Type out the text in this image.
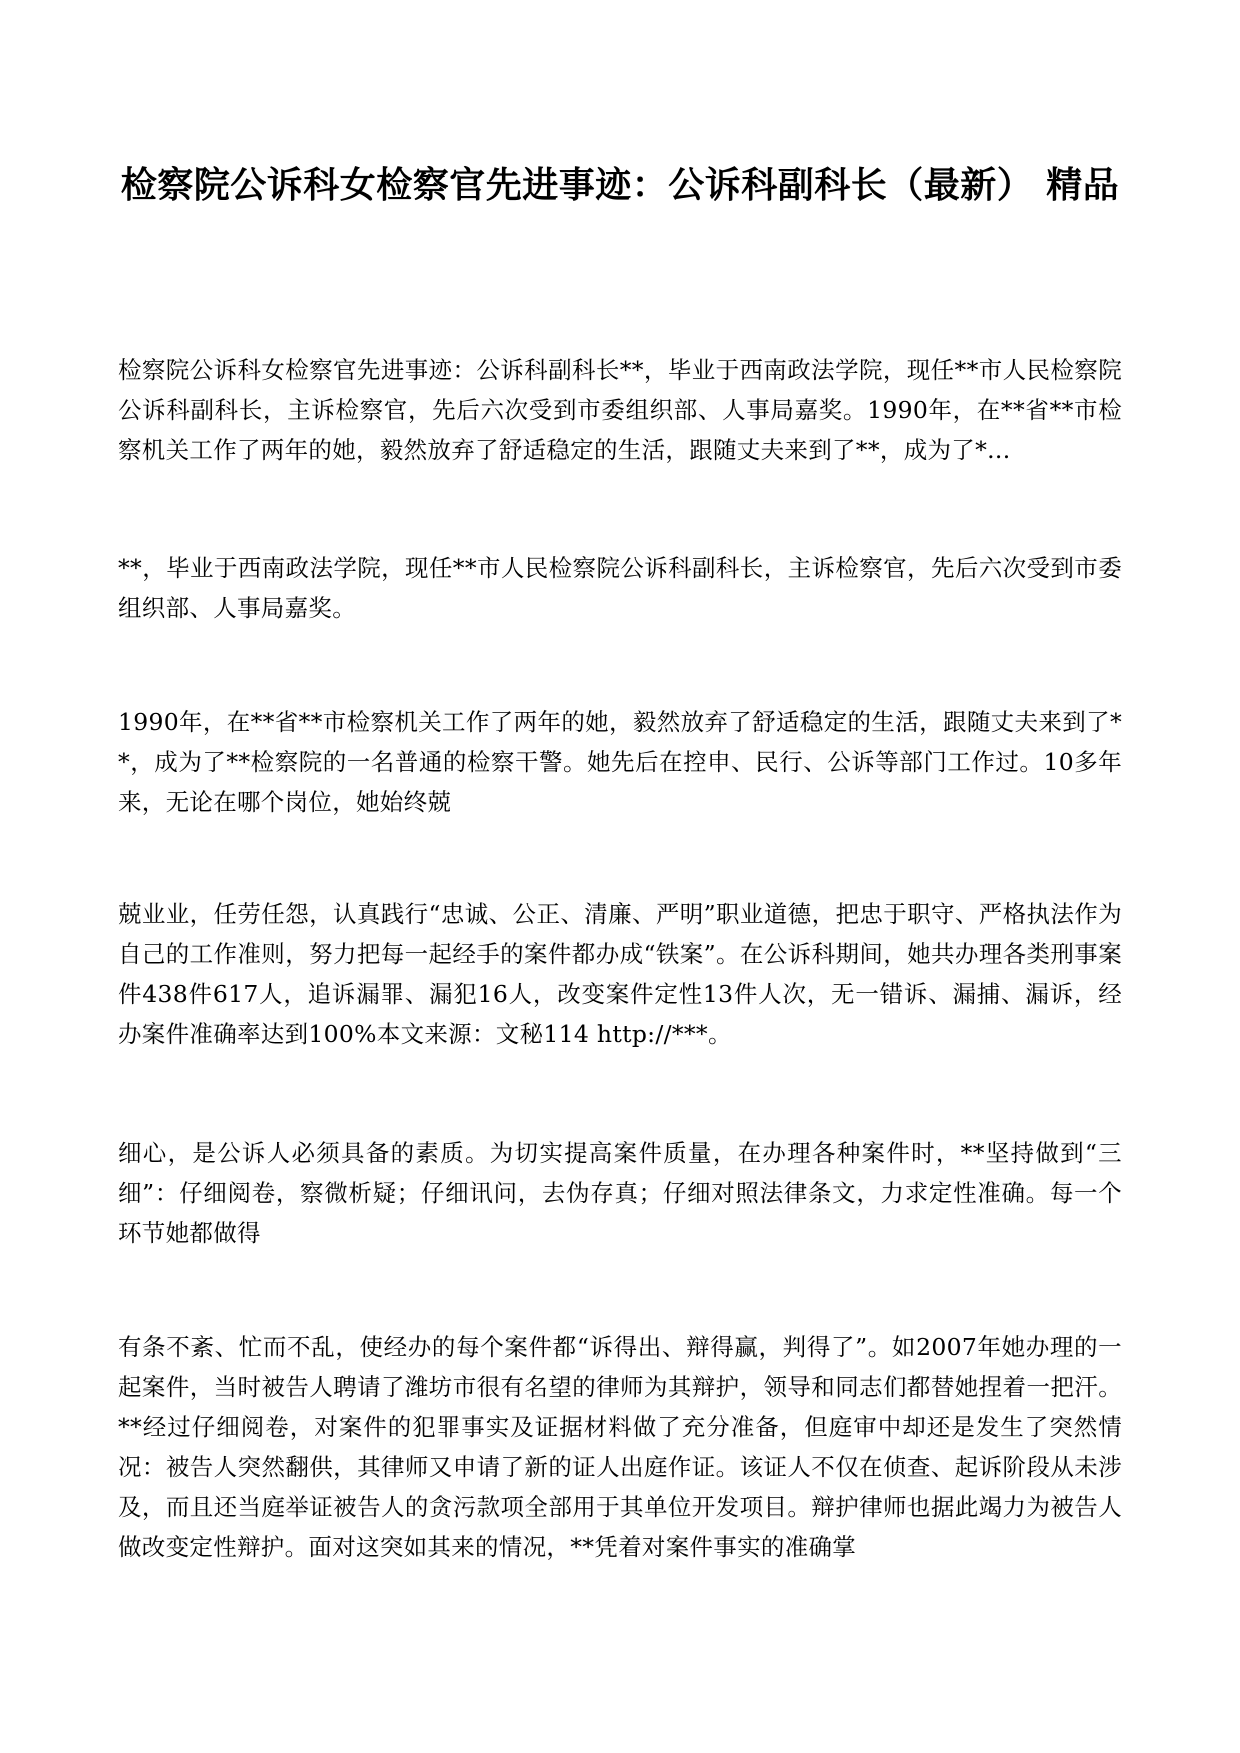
检察院公诉科女检察官先进事迹：公诉科副科长（最新） 精品

检察院公诉科女检察官先进事迹：公诉科副科长**，毕业于西南政法学院，现任**市人民检察院公诉科副科长，主诉检察官，先后六次受到市委组织部、人事局嘉奖。1990年，在**省**市检察机关工作了两年的她，毅然放弃了舒适稳定的生活，跟随丈夫来到了**，成为了*...

**，毕业于西南政法学院，现任**市人民检察院公诉科副科长，主诉检察官，先后六次受到市委组织部、人事局嘉奖。

1990年，在**省**市检察机关工作了两年的她，毅然放弃了舒适稳定的生活，跟随丈夫来到了**，成为了**检察院的一名普通的检察干警。她先后在控申、民行、公诉等部门工作过。10多年来，无论在哪个岗位，她始终兢

兢业业，任劳任怨，认真践行“忠诚、公正、清廉、严明”职业道德，把忠于职守、严格执法作为自己的工作准则，努力把每一起经手的案件都办成“铁案”。在公诉科期间，她共办理各类刑事案件438件617人，追诉漏罪、漏犯16人，改变案件定性13件人次，无一错诉、漏捕、漏诉，经办案件准确率达到100%本文来源：文秘114 http://***。

细心，是公诉人必须具备的素质。为切实提高案件质量，在办理各种案件时，**坚持做到“三细”：仔细阅卷，察微析疑；仔细讯问，去伪存真；仔细对照法律条文，力求定性准确。每一个环节她都做得

有条不紊、忙而不乱，使经办的每个案件都“诉得出、辩得赢，判得了”。如2007年她办理的一起案件，当时被告人聘请了潍坊市很有名望的律师为其辩护，领导和同志们都替她捏着一把汗。**经过仔细阅卷，对案件的犯罪事实及证据材料做了充分准备，但庭审中却还是发生了突然情况：被告人突然翻供，其律师又申请了新的证人出庭作证。该证人不仅在侦查、起诉阶段从未涉及，而且还当庭举证被告人的贪污款项全部用于其单位开发项目。辩护律师也据此竭力为被告人做改变定性辩护。面对这突如其来的情况，**凭着对案件事实的准确掌
